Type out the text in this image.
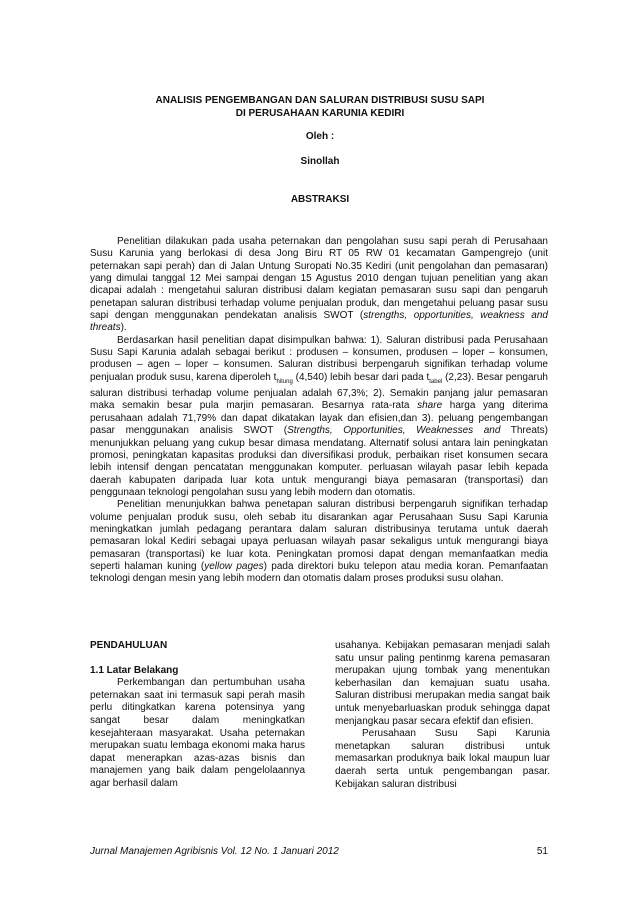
ANALISIS PENGEMBANGAN DAN SALURAN DISTRIBUSI SUSU SAPI
DI PERUSAHAAN KARUNIA KEDIRI
Oleh :
Sinollah
ABSTRAKSI

Penelitian dilakukan pada usaha peternakan dan pengolahan susu sapi perah di Perusahaan Susu Karunia yang berlokasi di desa Jong Biru RT 05 RW 01 kecamatan Gampengrejo (unit peternakan sapi perah) dan di Jalan Untung Suropati No.35 Kediri (unit pengolahan dan pemasaran) yang dimulai tanggal 12 Mei sampai dengan 15 Agustus 2010 dengan tujuan penelitian yang akan dicapai adalah : mengetahui saluran distribusi dalam kegiatan pemasaran susu sapi dan pengaruh penetapan saluran distribusi terhadap volume penjualan produk, dan mengetahui peluang pasar susu sapi dengan menggunakan pendekatan analisis SWOT (strengths, opportunities, weakness and threats).

Berdasarkan hasil penelitian dapat disimpulkan bahwa: 1). Saluran distribusi pada Perusahaan Susu Sapi Karunia adalah sebagai berikut : produsen – konsumen, produsen – loper – konsumen, produsen – agen – loper – konsumen. Saluran distribusi berpengaruh signifikan terhadap volume penjualan produk susu, karena diperoleh $t_{hitung}$ (4,540) lebih besar dari pada $t_{tabel}$ (2,23). Besar pengaruh saluran distribusi terhadap volume penjualan adalah 67,3%; 2). Semakin panjang jalur pemasaran maka semakin besar pula marjin pemasaran. Besarnya rata-rata share harga yang diterima perusahaan adalah 71,79% dan dapat dikatakan layak dan efisien,dan 3). peluang pengembangan pasar menggunakan analisis SWOT (Strengths, Opportunities, Weaknesses and Threats) menunjukkan peluang yang cukup besar dimasa mendatang. Alternatif solusi antara lain peningkatan promosi, peningkatan kapasitas produksi dan diversifikasi produk, perbaikan riset konsumen secara lebih intensif dengan pencatatan menggunakan komputer. perluasan wilayah pasar lebih kepada daerah kabupaten daripada luar kota untuk mengurangi biaya pemasaran (transportasi) dan penggunaan teknologi pengolahan susu yang lebih modern dan otomatis.

Penelitian menunjukkan bahwa penetapan saluran distribusi berpengaruh signifikan terhadap volume penjualan produk susu, oleh sebab itu disarankan agar Perusahaan Susu Sapi Karunia meningkatkan jumlah pedagang perantara dalam saluran distribusinya terutama untuk daerah pemasaran lokal Kediri sebagai upaya perluasan wilayah pasar sekaligus untuk mengurangi biaya pemasaran (transportasi) ke luar kota. Peningkatan promosi dapat dengan memanfaatkan media seperti halaman kuning (yellow pages) pada direktori buku telepon atau media koran. Pemanfaatan teknologi dengan mesin yang lebih modern dan otomatis dalam proses produksi susu olahan.

PENDAHULUAN

1.1 Latar Belakang

Perkembangan dan pertumbuhan usaha peternakan saat ini termasuk sapi perah masih perlu ditingkatkan karena potensinya yang sangat besar dalam meningkatkan kesejahteraan masyarakat. Usaha peternakan merupakan suatu lembaga ekonomi maka harus dapat menerapkan azas-azas bisnis dan manajemen yang baik dalam pengelolaannya agar berhasil dalam

usahanya. Kebijakan pemasaran menjadi salah satu unsur paling pentinmg karena pemasaran merupakan ujung tombak yang menentukan keberhasilan dan kemajuan suatu usaha. Saluran distribusi merupakan media sangat baik untuk menyebarluaskan produk sehingga dapat menjangkau pasar secara efektif dan efisien.

Perusahaan Susu Sapi Karunia menetapkan saluran distribusi untuk memasarkan produknya baik lokal maupun luar daerah serta untuk pengembangan pasar. Kebijakan saluran distribusi

Jurnal Manajemen Agribisnis Vol. 12 No. 1 Januari 2012	51
